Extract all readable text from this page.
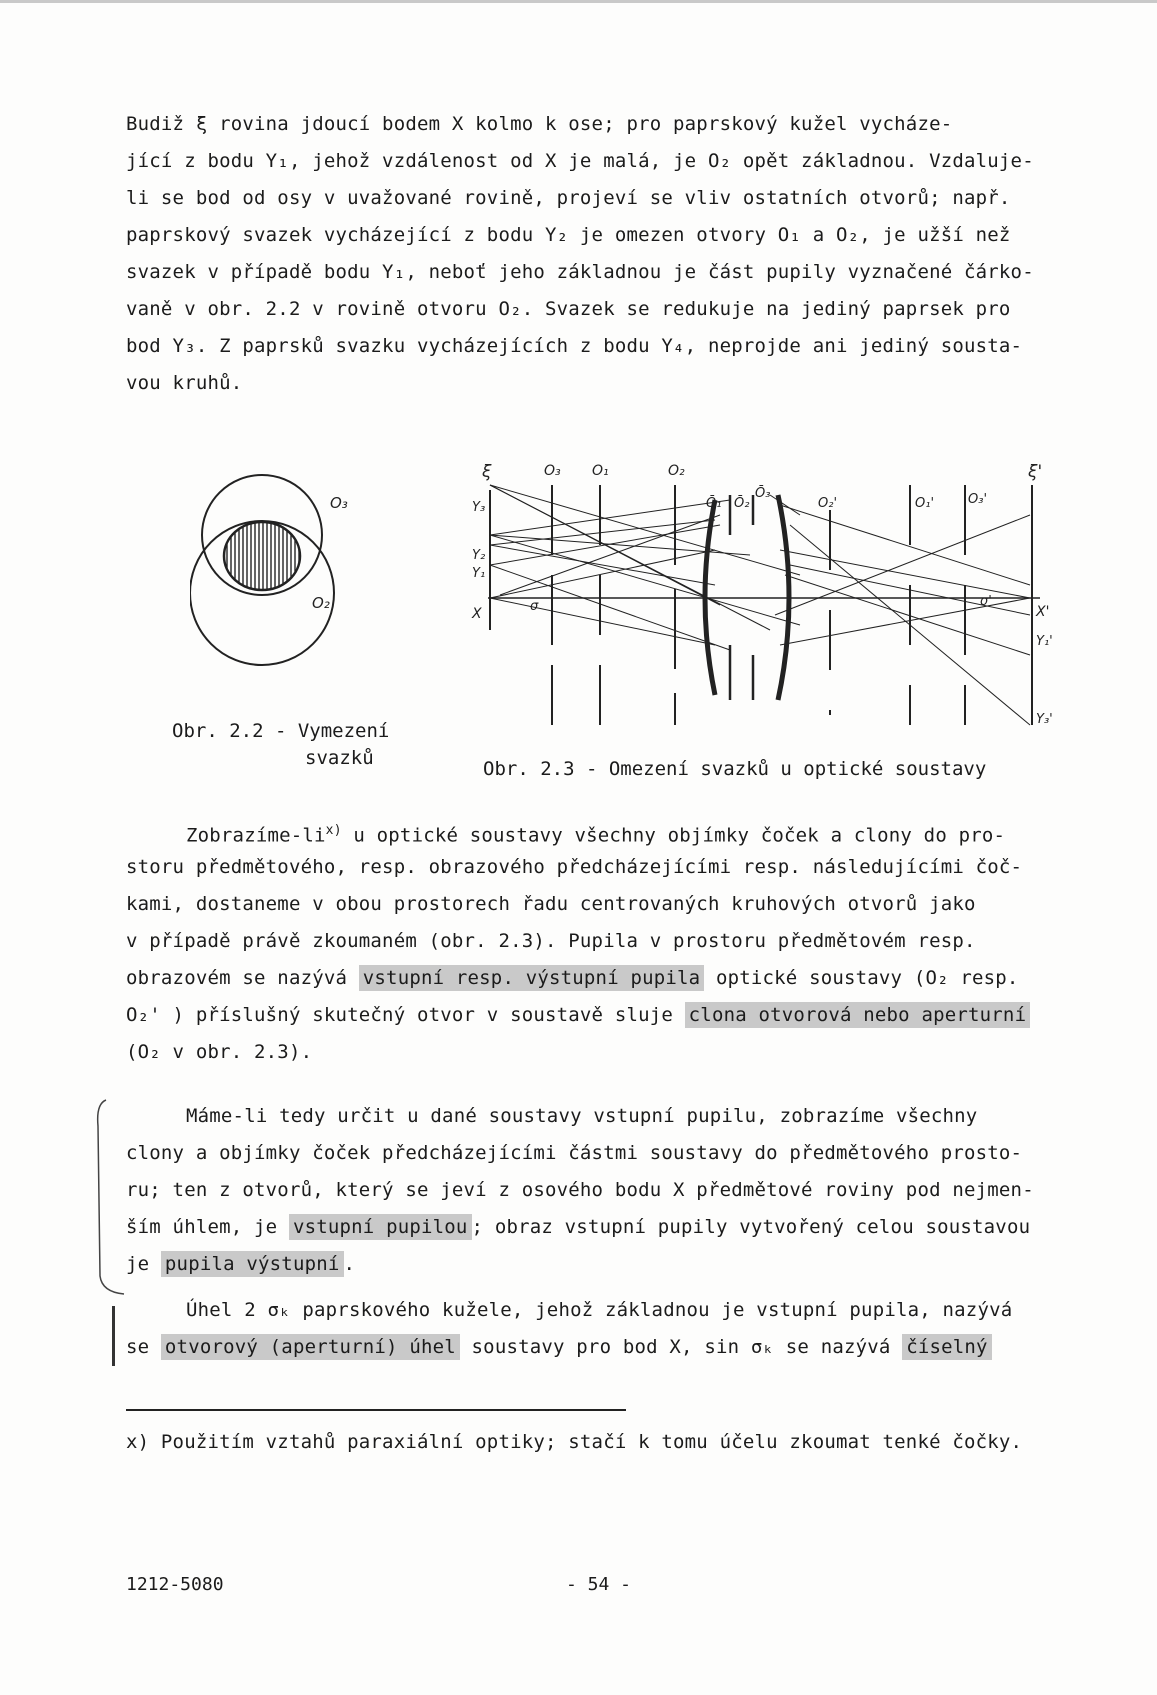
Budiž ξ rovina jdoucí bodem X kolmo k ose; pro paprskový kužel vycháze-
jící z bodu Y₁, jehož vzdálenost od X je malá, je O₂ opět základnou. Vzdaluje-
li se bod od osy v uvažované rovině, projeví se vliv ostatních otvorů; např.
paprskový svazek vycházející z bodu Y₂ je omezen otvory O₁ a O₂, je užší než
svazek v případě bodu Y₁, neboť jeho základnou je část pupily vyznačené čárko-
vaně v obr. 2.2 v rovině otvoru O₂. Svazek se redukuje na jediný paprsek pro
bod Y₃. Z paprsků svazku vycházejících z bodu Y₄, neprojde ani jediný sousta-
vou kruhů.
O₃
O₂
Obr. 2.2 - Vymezení
svazků
ξ	ξ'
O₃ O₁	O₂
Ō₁ Ō₂
Ō₃
O₂'	O₁'	O₃'
Y₃
Y₂
Y₁
X	σ	σ'
X'
Y₁'
Y₃'
Obr. 2.3 - Omezení svazků u optické soustavy
Zobrazíme-$li^{x)}$ u optické soustavy všechny objímky čoček a clony do pro-
storu předmětového, resp. obrazového předcházejícími resp. následujícími čoč-
kami, dostaneme v obou prostorech řadu centrovaných kruhových otvorů jako
v případě právě zkoumaném (obr. 2.3). Pupila v prostoru předmětovém resp.
obrazovém se nazývá vstupní resp. výstupní pupila optické soustavy (O₂ resp.
O₂' ) příslušný skutečný otvor v soustavě sluje clona otvorová nebo aperturní
(O₂ v obr. 2.3).
Máme-li tedy určit u dané soustavy vstupní pupilu, zobrazíme všechny
clony a objímky čoček předcházejícími částmi soustavy do předmětového prosto-
ru; ten z otvorů, který se jeví z osového bodu X předmětové roviny pod nejmen-
ším úhlem, je vstupní pupilou ; obraz vstupní pupily vytvořený celou soustavou
je pupila výstupní .
Úhel 2 σₖ paprskového kužele, jehož základnou je vstupní pupila, nazývá
se otvorový (aperturní) úhel soustavy pro bod X, sin σₖ se nazývá číselný
x) Použitím vztahů paraxiální optiky; stačí k tomu účelu zkoumat tenké čočky.
1212-5080	- 54 -
